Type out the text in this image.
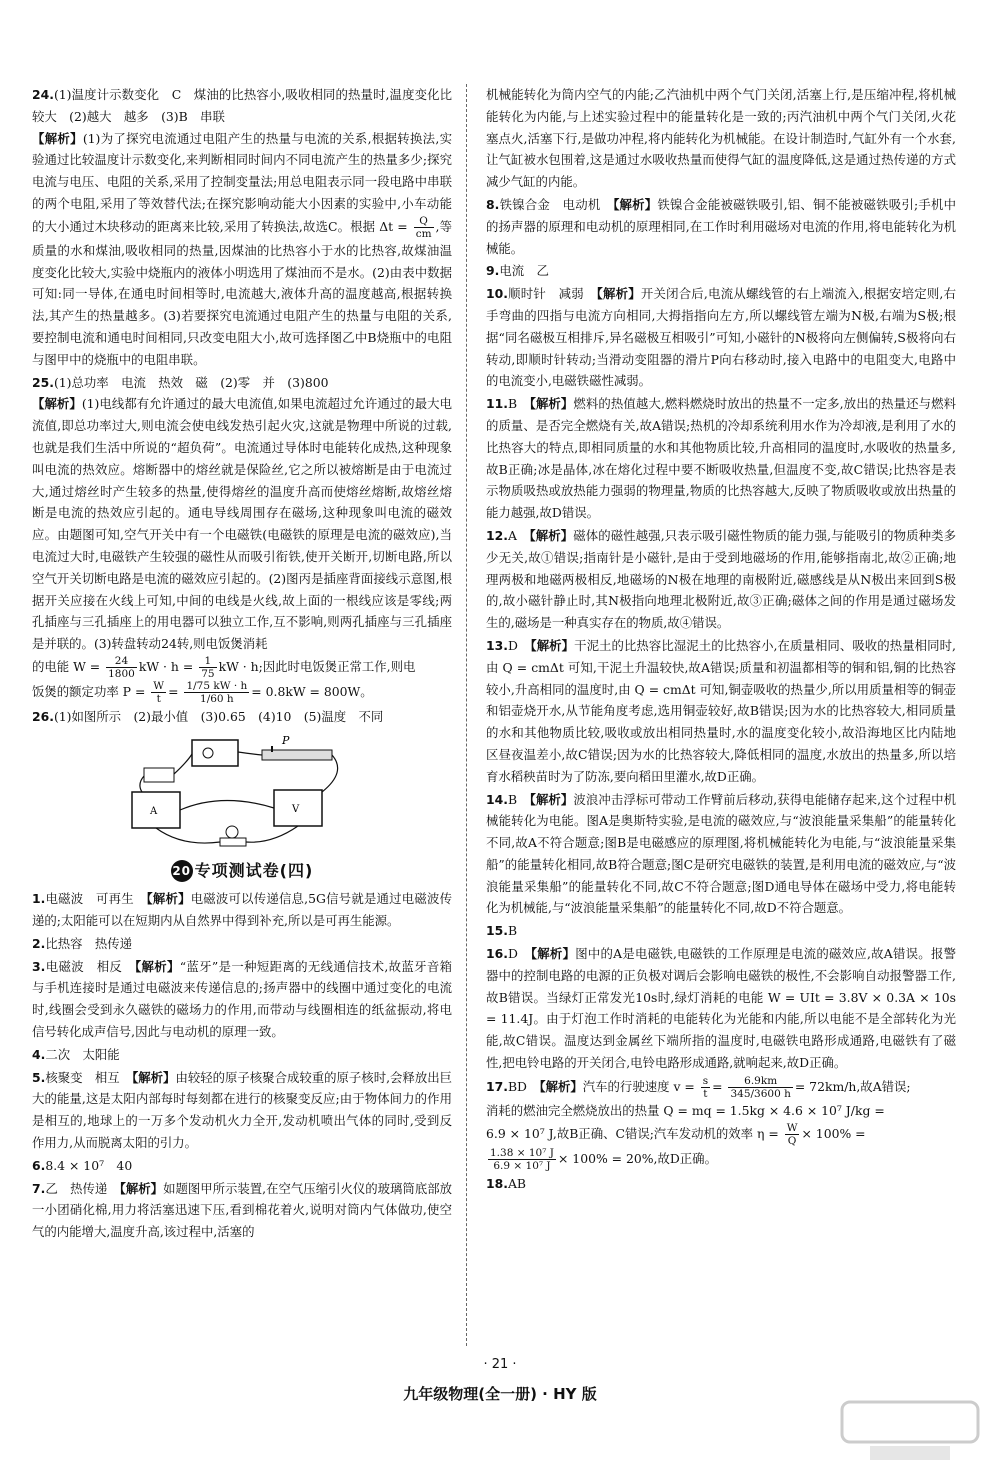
24.(1)温度计示数变化　C　煤油的比热容小,吸收相同的热量时,温度变化比较大　(2)越大　越多　(3)B　串联
【解析】(1)为了探究电流通过电阻产生的热量与电流的关系,根据转换法,实验通过比较温度计示数变化,来判断相同时间内不同电流产生的热量多少;探究电流与电压、电阻的关系,采用了控制变量法;用总电阻表示同一段电路中串联的两个电阻,采用了等效替代法;在探究影响动能大小因素的实验中,小车动能的大小通过木块移动的距离来比较,采用了转换法,故选C。根据 $\Delta t = \frac{Q}{cm}$ ,等质量的水和煤油,吸收相同的热量,因煤油的比热容小于水的比热容,故煤油温度变化比较大,实验中烧瓶内的液体小明选用了煤油而不是水。(2)由表中数据可知:同一导体,在通电时间相等时,电流越大,液体升高的温度越高,根据转换法,其产生的热量越多。(3)若要探究电流通过电阻产生的热量与电阻的关系,要控制电流和通电时间相同,只改变电阻大小,故可选择图乙中B烧瓶中的电阻与图甲中的烧瓶中的电阻串联。

25.(1)总功率　电流　热效　磁　(2)零　并　(3)800
【解析】(1)电线都有允许通过的最大电流值,如果电流超过允许通过的最大电流值,即总功率过大,则电流会使电线发热引起火灾,这就是物理中所说的过载,也就是我们生活中所说的“超负荷”。电流通过导体时电能转化成热,这种现象叫电流的热效应。熔断器中的熔丝就是保险丝,它之所以被熔断是由于电流过大,通过熔丝时产生较多的热量,使得熔丝的温度升高而使熔丝熔断,故熔丝熔断是电流的热效应引起的。通电导线周围存在磁场,这种现象叫电流的磁效应。由题图可知,空气开关中有一个电磁铁(电磁铁的原理是电流的磁效应),当电流过大时,电磁铁产生较强的磁性从而吸引衔铁,使开关断开,切断电路,所以空气开关切断电路是电流的磁效应引起的。(2)图丙是插座背面接线示意图,根据开关应接在火线上可知,中间的电线是火线,故上面的一根线应该是零线;两孔插座与三孔插座上的用电器可以独立工作,互不影响,则两孔插座与三孔插座是并联的。(3)转盘转动24转,则电饭煲消耗
的电能 $W = \frac{24}{1800}$ kW · $h = \frac{1}{75}$ kW · h;因此时电饭煲正常工作,则电
饭煲的额定功率 $P = \frac{W}{t} = \frac{1/75 kW \cdot h}{1/60 h} = 0.8kW = 800W$。

26.(1)如图所示　(2)最小值　(3)0.65　(4)10　(5)温度　不同

P
A	V
20 专项测试卷(四)

1.电磁波　可再生　【解析】电磁波可以传递信息,5G信号就是通过电磁波传递的;太阳能可以在短期内从自然界中得到补充,所以是可再生能源。

2.比热容　热传递

3.电磁波　相反　【解析】“蓝牙”是一种短距离的无线通信技术,故蓝牙音箱与手机连接时是通过电磁波来传递信息的;扬声器中的线圈中通过变化的电流时,线圈会受到永久磁铁的磁场力的作用,而带动与线圈相连的纸盆振动,将电信号转化成声信号,因此与电动机的原理一致。

4.二次　太阳能

5.核聚变　相互　【解析】由较轻的原子核聚合成较重的原子核时,会释放出巨大的能量,这是太阳内部每时每刻都在进行的核聚变反应;由于物体间力的作用是相互的,地球上的一万多个发动机火力全开,发动机喷出气体的同时,受到反作用力,从而脱离太阳的引力。

6.8.4 × 10⁷　40

7.乙　热传递　【解析】如题图甲所示装置,在空气压缩引火仪的玻璃筒底部放一小团硝化棉,用力将活塞迅速下压,看到棉花着火,说明对筒内气体做功,使空气的内能增大,温度升高,该过程中,活塞的

机械能转化为筒内空气的内能;乙汽油机中两个气门关闭,活塞上行,是压缩冲程,将机械能转化为内能,与上述实验过程中的能量转化是一致的;丙汽油机中两个气门关闭,火花塞点火,活塞下行,是做功冲程,将内能转化为机械能。在设计制造时,气缸外有一个水套,让气缸被水包围着,这是通过水吸收热量而使得气缸的温度降低,这是通过热传递的方式减少气缸的内能。

8.铁镍合金　电动机　【解析】铁镍合金能被磁铁吸引,铝、铜不能被磁铁吸引;手机中的扬声器的原理和电动机的原理相同,在工作时利用磁场对电流的作用,将电能转化为机械能。

9.电流　乙

10.顺时针　减弱　【解析】开关闭合后,电流从螺线管的右上端流入,根据安培定则,右手弯曲的四指与电流方向相同,大拇指指向左方,所以螺线管左端为N极,右端为S极;根据“同名磁极互相排斥,异名磁极互相吸引”可知,小磁针的N极将向左侧偏转,S极将向右转动,即顺时针转动;当滑动变阻器的滑片P向右移动时,接入电路中的电阻变大,电路中的电流变小,电磁铁磁性减弱。

11.B　【解析】燃料的热值越大,燃料燃烧时放出的热量不一定多,放出的热量还与燃料的质量、是否完全燃烧有关,故A错误;热机的冷却系统利用水作为冷却液,是利用了水的比热容大的特点,即相同质量的水和其他物质比较,升高相同的温度时,水吸收的热量多,故B正确;冰是晶体,冰在熔化过程中要不断吸收热量,但温度不变,故C错误;比热容是表示物质吸热或放热能力强弱的物理量,物质的比热容越大,反映了物质吸收或放出热量的能力越强,故D错误。

12.A　【解析】磁体的磁性越强,只表示吸引磁性物质的能力强,与能吸引的物质种类多少无关,故①错误;指南针是小磁针,是由于受到地磁场的作用,能够指南北,故②正确;地理两极和地磁两极相反,地磁场的N极在地理的南极附近,磁感线是从N极出来回到S极的,故小磁针静止时,其N极指向地理北极附近,故③正确;磁体之间的作用是通过磁场发生的,磁场是一种真实存在的物质,故④错误。

13.D　【解析】干泥土的比热容比湿泥土的比热容小,在质量相同、吸收的热量相同时,由 Q = cmΔt 可知,干泥土升温较快,故A错误;质量和初温都相等的铜和铝,铜的比热容较小,升高相同的温度时,由 Q = cmΔt 可知,铜壶吸收的热量少,所以用质量相等的铜壶和铝壶烧开水,从节能角度考虑,选用铜壶较好,故B错误;因为水的比热容较大,相同质量的水和其他物质比较,吸收或放出相同热量时,水的温度变化较小,故沿海地区比内陆地区昼夜温差小,故C错误;因为水的比热容较大,降低相同的温度,水放出的热量多,所以培育水稻秧苗时为了防冻,要向稻田里灌水,故D正确。

14.B　【解析】波浪冲击浮标可带动工作臂前后移动,获得电能储存起来,这个过程中机械能转化为电能。图A是奥斯特实验,是电流的磁效应,与“波浪能量采集船”的能量转化不同,故A不符合题意;图B是电磁感应的原理图,将机械能转化为电能,与“波浪能量采集船”的能量转化相同,故B符合题意;图C是研究电磁铁的装置,是利用电流的磁效应,与“波浪能量采集船”的能量转化不同,故C不符合题意;图D通电导体在磁场中受力,将电能转化为机械能,与“波浪能量采集船”的能量转化不同,故D不符合题意。

15.B

16.D　【解析】图中的A是电磁铁,电磁铁的工作原理是电流的磁效应,故A错误。报警器中的控制电路的电源的正负极对调后会影响电磁铁的极性,不会影响自动报警器工作,故B错误。当绿灯正常发光10s时,绿灯消耗的电能 W = UIt = 3.8V × 0.3A × 10s = 11.4J。由于灯泡工作时消耗的电能转化为光能和内能,所以电能不是全部转化为光能,故C错误。温度达到金属丝下端所指的温度时,电磁铁电路形成通路,电磁铁有了磁性,把电铃电路的开关闭合,电铃电路形成通路,就响起来,故D正确。

17.BD　【解析】汽车的行驶速度 $v = \frac{s}{t} = \frac{6.9km}{345/3600 h} = 72km/h$,故A错误;
消耗的燃油完全燃烧放出的热量 Q = mq = 1.5kg × 4.6 × 10⁷ J/kg =
6.9 × 10⁷ J,故B正确、C错误;汽车发动机的效率 $\eta = \frac{W}{Q} \times 100\%$ =

$\frac{\text{1.38 × 10⁷ J}}{\text{6.9 × 10⁷ J}} \times 100\% = 20\%$,故D正确。

18.AB

· 21 ·
九年级物理(全一册) · HY 版
